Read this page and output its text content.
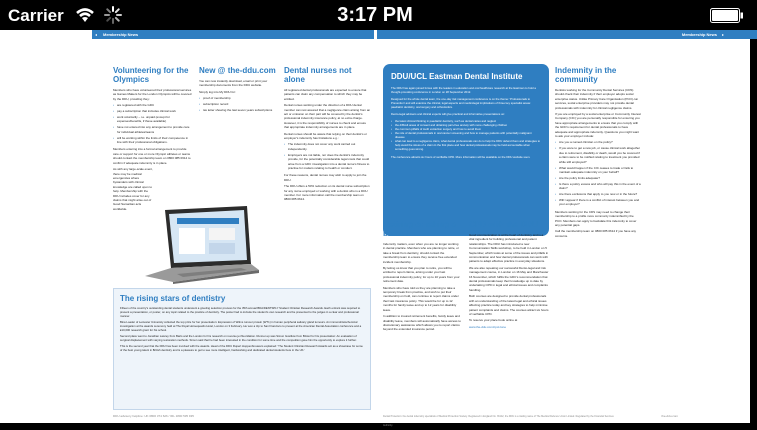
Carrier	3:17 PM
◂ Membership News	Membership News ▸
Volunteering for the Olympics

Members who have volunteered their professional services as Games Makers for the London Olympics will be covered by the DDU, providing they:

• are registered with the GDC
• pay a subscription that includes clinical work
• work voluntarily – i.e. unpaid (except for expenses/benefits, if these available)
• have not entered into any arrangement to provide care for individual athletes/teams
• will be working within the limits of their competence in line with their professional obligations.

Members entering into a formal arrangement to provide care or support for one or more Olympic athletes or teams should contact the membership team on 0800 085 0614 to confirm if adequate indemnity is in place.

As with any large-scale event, there may be medical emergencies where bystanders with clinical knowledge are called upon to help. Membership with the DDU includes cover for any claims that might arise out of Good Samaritan acts worldwide.

New @ the-ddu.com

You can now instantly download, email or print your membership documents from the DDU website.

Simply log into My DDU for:

• proof of membership
• subscription record
• tax letter showing the last seven years subscriptions
Dental nurses not alone

All registered dental professionals are expected to ensure that patients can claim any compensation to which they may be entitled.

Dental nurses working under the direction of a DDU dental member can rest assured that a negligence claim arising from an act or omission on their part will be covered by the dentist's professional indemnity insurance policy, at no extra charge. However, it is the responsibility of nurses to check and ensure that appropriate indemnity arrangements are in place.

Dental nurses should be aware that relying on their dentist's or employer's indemnity has limitations e.g.:

• The indemnity does not cover any work carried out independently.
• Employers are not liable, nor does the dentist's indemnity provide, for the potentially considerable legal costs that could arise from a GDC investigation into a dental nurse's fitness to practise for matters relating to health or conduct.

For these reasons, dental nurses may wish to apply to join the DDU.

The DDU offers a 50% reduction on its dental nurse subscription for any nurse employed or working with a dentist who is a DDU member. For more information call the membership team on 0800 085 0614.

The rising stars of dentistry

Fifteen of the country's outstanding dental students underwent a grueling selection process for the 35th annual BDA/DENTSPLY Student Clinician Research Awards. Each entrant was required to present a presentation, or poster, on any topic related to the practice of dentistry. The poster had to include the student's own research and be presented to the judges in a clear and professional manner.

Bina Loader of Leicester University collected the top prize for her presentation: Expression of Wilms tumour protein (WT1) in human peripheral salivary gland tumours. An immunohistochemical investigation at the awards ceremony held at The Royal Horsequards Hotel, London on 3 February. He won a trip to San Francisco to present at the American Dental Association conference and a £10,000 research grant for his school.

Second place went to Jonathan Lawrey from Barts and the London for his research on reverse jet fluoridation. Runner-up was Simon Gustilow from Bristol for his presentation: An evaluation of surgical displacement with varying restoration methods. Simon said that he had been interested in the condition for some time and the competition gave him the opportunity to explore it further.

This is the second year that the DDU has been involved with the awards. Head of the DDU Rupert Hoppenbrouwers explained: 'The Student Clinician Research Awards act as a showcase for some of the best young talent in British dentistry and is a pleasure to get to see more intelligent, hardworking and dedicated dental students here in the UK.'

DDU/UCL Eastman Dental Institute

The DDU has again joined forces with the leaders in education and oral healthcare research at the Eastman to hold a thought-provoking conference in London on 28 September 2012.

Designed for the whole dental team, the one-day risk management conference is on the theme: 'Professionals to Prevention' and will examine the clinical, legal aspects and medicolegal implications of three key specialist areas: paediatric dentistry, oral surgery and orthodontics.

Dento-legal advisers and clinical experts will give practical and informative presentations on:

• the latest clinical thinking in paediatric dentistry, such as dental caries and neglect
• the difficult areas of consent and obtaining pain-free anxiety with more challenging children
• the common pitfalls of tooth extraction surgery and how to avoid them
• the role of dental professionals in oral cancer screening and how to manage patients with potentially malignant disease
• what can lead to a negligence claim, what dental professionals can do to help the DDU defend them and strategies to help avoid the stress of a claim in the first place and how dental professionals may be held accountable when something goes wrong.

The conference attracts six hours of verifiable CPD. More information will be available on the DDU website soon.

Retiring or taking a break?

Indemnity matters, even when you are no longer working in dental practice. Members who are planning to retire, or take a break from dentistry, should contact the membership team to ensure they receive free extended incident membership.

By letting us know that you plan to retire, you will be entitled to report claims, arising under your last professional indemnity policy, for up to 10 years from your retirement date.

Members who have told us they are planning to take a temporary break from practice, and wish to put their membership on hold, can continue to report claims under their last insurance policy. This would be for up to 12 months for family leave and up to 12 years for disability leave.

In addition to insured retirement benefits, family leave and disability leave, members will automatically have access to discretionary assistance which allows you to report claims beyond the extended insurance period.

CPD with the DDU

Good communication is at the heart of dentistry and is a vital ingredient for building professional and patient relationships. The DDU has introduced a new Communication Skills workshop, to be held in London on 5 September, which looks at some of the issues and pitfalls in communication and how dental professionals can work with patients to adapt effective practice in everyday situations.

We are also repeating our successful Dento-legal and risk management course, in London on 16 May and Manchester 16 November, which fulfils the GDC's recommendation that dental professionals keep their knowledge up to date by undertaking CPD in legal and ethical issues and complaints handling.

Both courses are designed to provide dental professionals with an understanding of the latest legal and ethical issues affecting practice today and key strategies to help minimise patient complaints and claims. The courses attract six hours of verifiable CPD.

To reserve your place book online at

www.the-ddu.com/cpd-zone

Indemnity in the community

Dentists working for the Community Dental Services (CDS) should check their indemnity if their employer adopts social enterprise status. Unlike Primary Care Organisation (PCO)-run services, social enterprise providers may not provide dental professionals with indemnity for clinical negligence claims.

If you are employed by a social enterprise or Community Interest Company (CIC) you are personally responsible for ensuring you have appropriate arrangements to ensure that you comply with the GDC's requirement for dental professionals to have adequate and appropriate indemnity. Questions you might want to ask your employer include:

• Are you a named clinician on the policy?
• If you were to get a new job, or cause clinical work altogether due to retirement, disability or death, would you be covered if a claim were to be notified relating to treatment you provided while still employed?
• What would happen if the CIC ceases to trade or fails to maintain adequate indemnity on your behalf?
• Are the policy limits adequate?
• Is there a policy excess and who will pay this in the event of a claim?
• Are there exclusions that apply to you now or in the future?
• Will I appear if there is a conflict of interest between you and your employer?

Members working for the CDS may need to change their membership to a profile more commonly indemnified by the PCO. Members can apply to backdate this indemnity to cover any potential gaps.

Call the membership team on 0800 085 0614 if you have any concerns.

DDU advisory helpline: UK 0800 374 626 / IRL 1800 535 935	Dental Protection: the dental indemnity specialists of Medical Protection Society. Registered in England No. 36142, the DDU is a trading name of The Medical Defence Union Limited. Regulated by the Financial Services Authority.
the-ddu.com
